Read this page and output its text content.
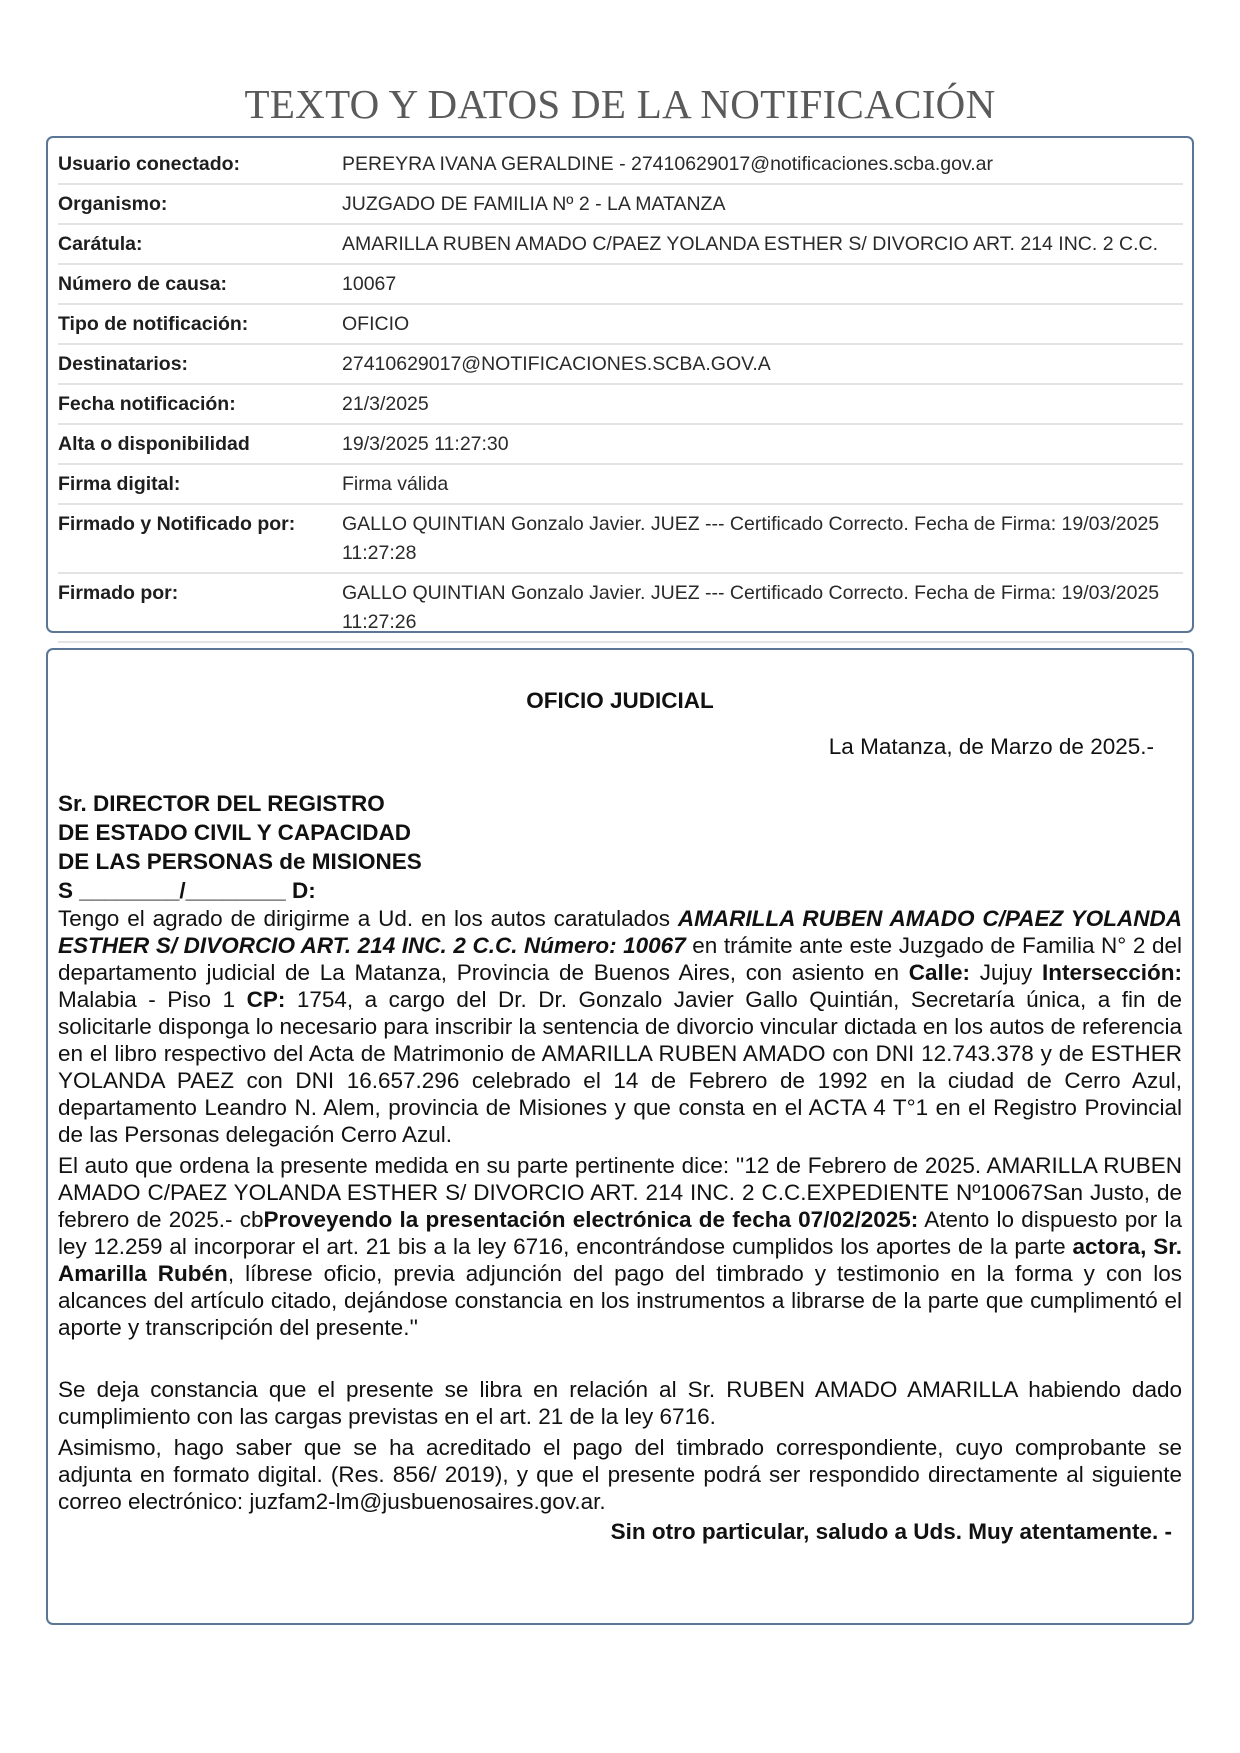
TEXTO Y DATOS DE LA NOTIFICACIÓN
Usuario conectado:	PEREYRA IVANA GERALDINE - 27410629017@notificaciones.scba.gov.ar
Organismo:	JUZGADO DE FAMILIA Nº 2 - LA MATANZA
Carátula:	AMARILLA RUBEN AMADO C/PAEZ YOLANDA ESTHER S/ DIVORCIO ART. 214 INC. 2 C.C.
Número de causa:	10067
Tipo de notificación:	OFICIO
Destinatarios:	27410629017@NOTIFICACIONES.SCBA.GOV.A
Fecha notificación:	21/3/2025
Alta o disponibilidad	19/3/2025 11:27:30
Firma digital:	Firma válida
Firmado y Notificado por:	GALLO QUINTIAN Gonzalo Javier. JUEZ --- Certificado Correcto. Fecha de Firma: 19/03/2025 11:27:28
Firmado por:	GALLO QUINTIAN Gonzalo Javier. JUEZ --- Certificado Correcto. Fecha de Firma: 19/03/2025 11:27:26
OFICIO JUDICIAL
La Matanza, de Marzo de 2025.-
Sr. DIRECTOR DEL REGISTRO
DE ESTADO CIVIL Y CAPACIDAD
DE LAS PERSONAS de MISIONES
S ________/________ D:

Tengo el agrado de dirigirme a Ud. en los autos caratulados AMARILLA RUBEN AMADO C/PAEZ YOLANDA ESTHER S/ DIVORCIO ART. 214 INC. 2 C.C. Número: 10067 en trámite ante este Juzgado de Familia N° 2 del departamento judicial de La Matanza, Provincia de Buenos Aires, con asiento en Calle: Jujuy Intersección: Malabia - Piso 1 CP: 1754, a cargo del Dr. Dr. Gonzalo Javier Gallo Quintián, Secretaría única, a fin de solicitarle disponga lo necesario para inscribir la sentencia de divorcio vincular dictada en los autos de referencia en el libro respectivo del Acta de Matrimonio de AMARILLA RUBEN AMADO con DNI 12.743.378 y de ESTHER YOLANDA PAEZ con DNI 16.657.296 celebrado el 14 de Febrero de 1992 en la ciudad de Cerro Azul, departamento Leandro N. Alem, provincia de Misiones y que consta en el ACTA 4 T°1 en el Registro Provincial de las Personas delegación Cerro Azul.

El auto que ordena la presente medida en su parte pertinente dice: ''12 de Febrero de 2025. AMARILLA RUBEN AMADO C/PAEZ YOLANDA ESTHER S/ DIVORCIO ART. 214 INC. 2 C.C.EXPEDIENTE Nº10067San Justo, de febrero de 2025.- cbProveyendo la presentación electrónica de fecha 07/02/2025: Atento lo dispuesto por la ley 12.259 al incorporar el art. 21 bis a la ley 6716, encontrándose cumplidos los aportes de la parte actora, Sr. Amarilla Rubén, líbrese oficio, previa adjunción del pago del timbrado y testimonio en la forma y con los alcances del artículo citado, dejándose constancia en los instrumentos a librarse de la parte que cumplimentó el aporte y transcripción del presente.''

Se deja constancia que el presente se libra en relación al Sr. RUBEN AMADO AMARILLA habiendo dado cumplimiento con las cargas previstas en el art. 21 de la ley 6716.

Asimismo, hago saber que se ha acreditado el pago del timbrado correspondiente, cuyo comprobante se adjunta en formato digital. (Res. 856/ 2019), y que el presente podrá ser respondido directamente al siguiente correo electrónico: juzfam2-lm@jusbuenosaires.gov.ar.

Sin otro particular, saludo a Uds. Muy atentamente. -
